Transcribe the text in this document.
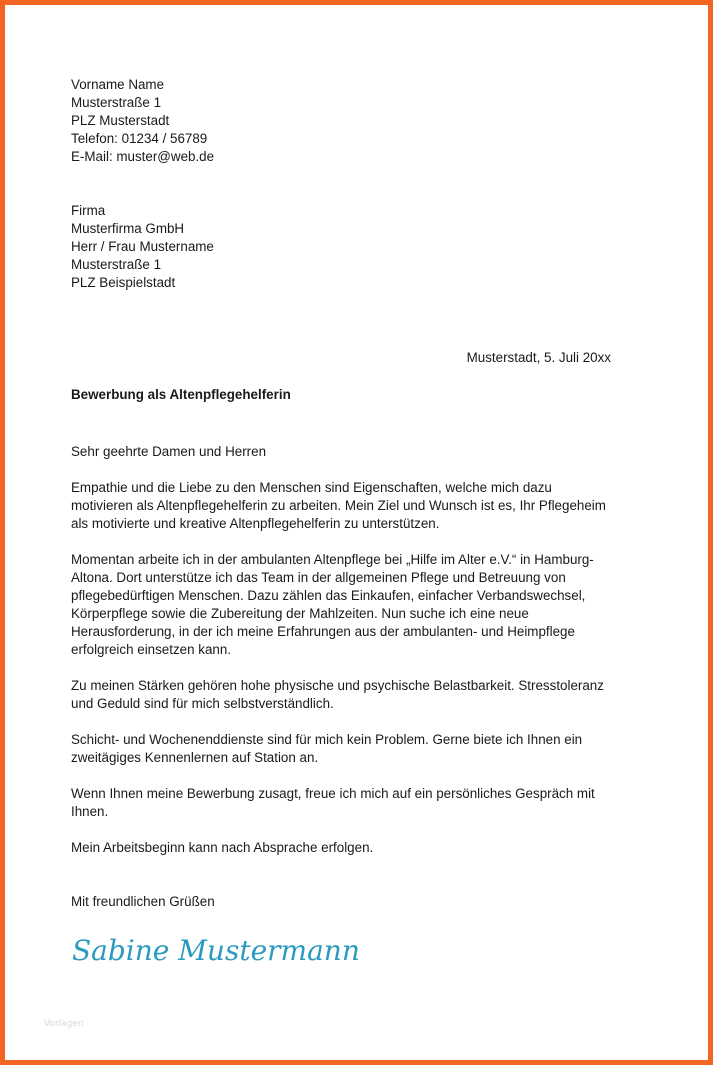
Vorname Name
Musterstraße 1
PLZ Musterstadt
Telefon: 01234 / 56789
E-Mail: muster@web.de
Firma
Musterfirma GmbH
Herr / Frau Mustername
Musterstraße 1
PLZ Beispielstadt
Musterstadt, 5. Juli 20xx
Bewerbung als Altenpflegehelferin
Sehr geehrte Damen und Herren
Empathie und die Liebe zu den Menschen sind Eigenschaften, welche mich dazu
motivieren als Altenpflegehelferin zu arbeiten. Mein Ziel und Wunsch ist es, Ihr Pflegeheim
als motivierte und kreative Altenpflegehelferin zu unterstützen.
Momentan arbeite ich in der ambulanten Altenpflege bei „Hilfe im Alter e.V.“ in Hamburg-
Altona. Dort unterstütze ich das Team in der allgemeinen Pflege und Betreuung von
pflegebedürftigen Menschen. Dazu zählen das Einkaufen, einfacher Verbandswechsel,
Körperpflege sowie die Zubereitung der Mahlzeiten. Nun suche ich eine neue
Herausforderung, in der ich meine Erfahrungen aus der ambulanten- und Heimpflege
erfolgreich einsetzen kann.
Zu meinen Stärken gehören hohe physische und psychische Belastbarkeit. Stresstoleranz
und Geduld sind für mich selbstverständlich.
Schicht- und Wochenenddienste sind für mich kein Problem. Gerne biete ich Ihnen ein
zweitägiges Kennenlernen auf Station an.
Wenn Ihnen meine Bewerbung zusagt, freue ich mich auf ein persönliches Gespräch mit
Ihnen.
Mein Arbeitsbeginn kann nach Absprache erfolgen.
Mit freundlichen Grüßen
Sabine Mustermann
Vorlagen
